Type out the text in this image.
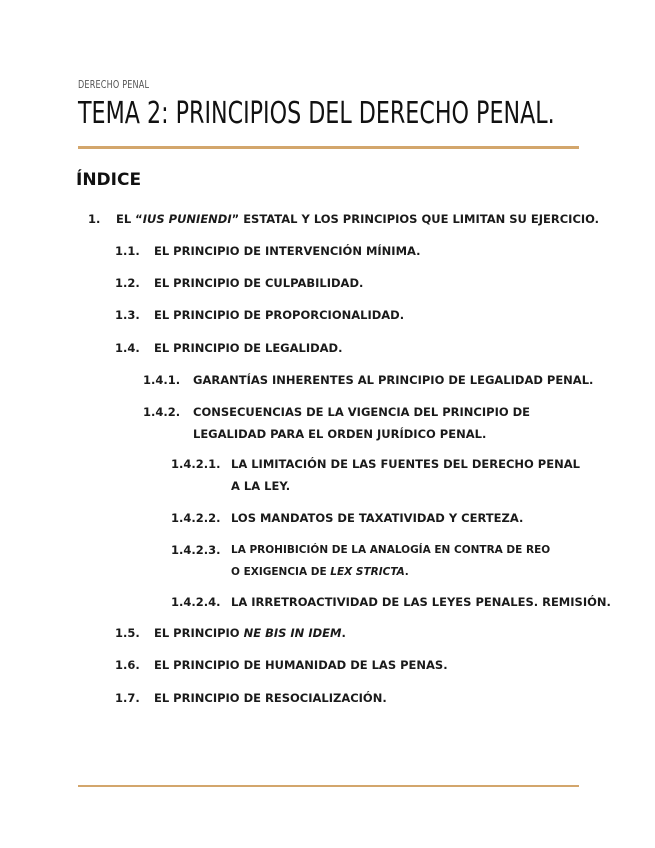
DERECHO PENAL
TEMA 2: PRINCIPIOS DEL DERECHO PENAL.
ÍNDICE
1. EL “IUS PUNIENDI” ESTATAL Y LOS PRINCIPIOS QUE LIMITAN SU EJERCICIO.
1.1. EL PRINCIPIO DE INTERVENCIÓN MÍNIMA.
1.2. EL PRINCIPIO DE CULPABILIDAD.
1.3. EL PRINCIPIO DE PROPORCIONALIDAD.
1.4. EL PRINCIPIO DE LEGALIDAD.
1.4.1. GARANTÍAS INHERENTES AL PRINCIPIO DE LEGALIDAD PENAL.
1.4.2. CONSECUENCIAS DE LA VIGENCIA DEL PRINCIPIO DE LEGALIDAD PARA EL ORDEN JURÍDICO PENAL.
1.4.2.1. LA LIMITACIÓN DE LAS FUENTES DEL DERECHO PENAL A LA LEY.
1.4.2.2. LOS MANDATOS DE TAXATIVIDAD Y CERTEZA.
1.4.2.3. LA PROHIBICIÓN DE LA ANALOGÍA EN CONTRA DE REO O EXIGENCIA DE LEX STRICTA.
1.4.2.4. LA IRRETROACTIVIDAD DE LAS LEYES PENALES. REMISIÓN.
1.5. EL PRINCIPIO NE BIS IN IDEM.
1.6. EL PRINCIPIO DE HUMANIDAD DE LAS PENAS.
1.7. EL PRINCIPIO DE RESOCIALIZACIÓN.
